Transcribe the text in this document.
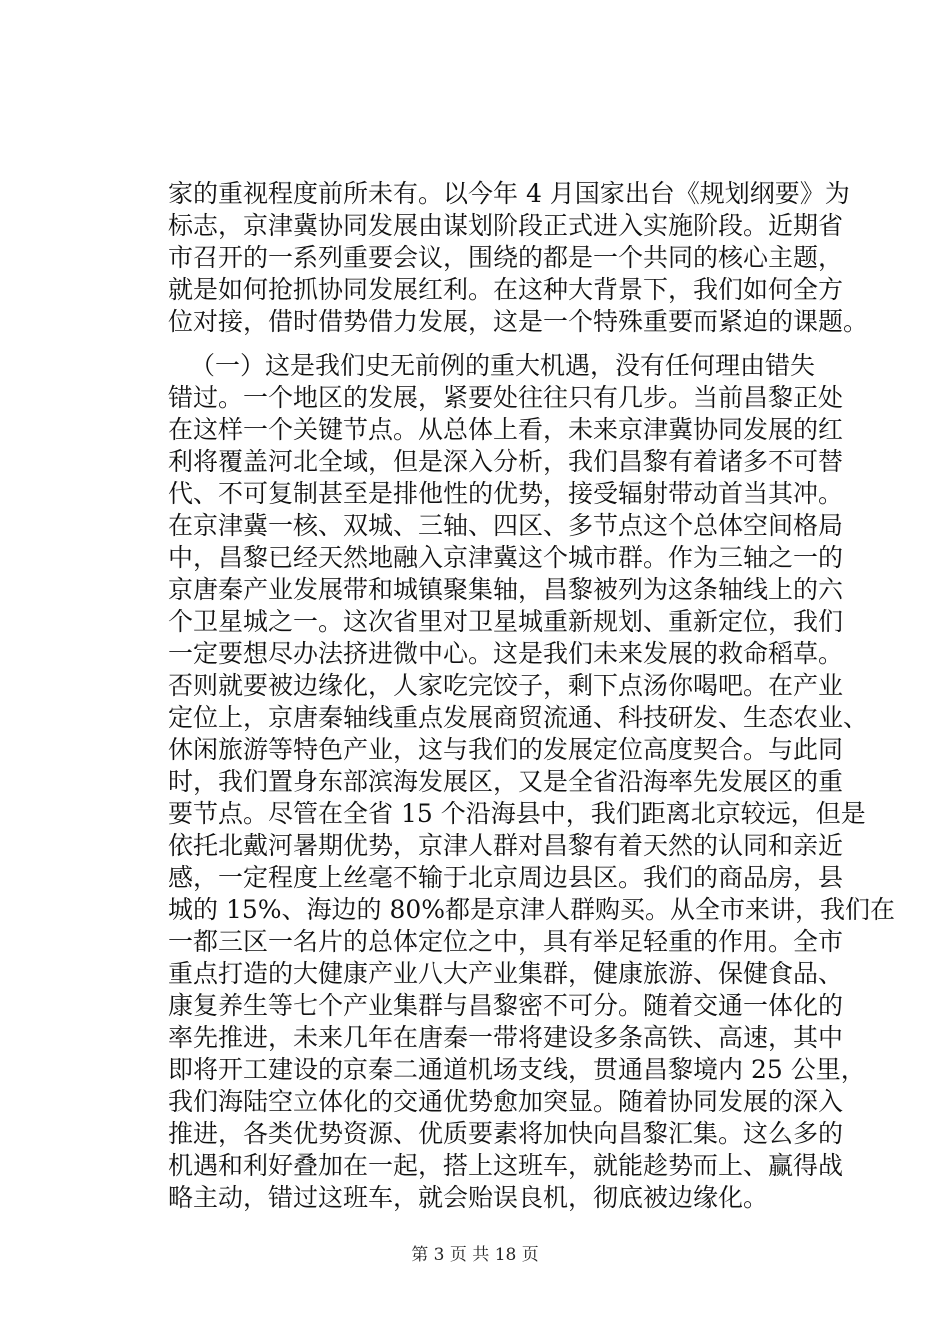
家的重视程度前所未有。以今年 4 月国家出台《规划纲要》为
标志，京津冀协同发展由谋划阶段正式进入实施阶段。近期省
市召开的一系列重要会议，围绕的都是一个共同的核心主题，
就是如何抢抓协同发展红利。在这种大背景下，我们如何全方
位对接，借时借势借力发展，这是一个特殊重要而紧迫的课题。
（一）这是我们史无前例的重大机遇，没有任何理由错失
错过。一个地区的发展，紧要处往往只有几步。当前昌黎正处
在这样一个关键节点。从总体上看，未来京津冀协同发展的红
利将覆盖河北全域，但是深入分析，我们昌黎有着诸多不可替
代、不可复制甚至是排他性的优势，接受辐射带动首当其冲。
在京津冀一核、双城、三轴、四区、多节点这个总体空间格局
中，昌黎已经天然地融入京津冀这个城市群。作为三轴之一的
京唐秦产业发展带和城镇聚集轴，昌黎被列为这条轴线上的六
个卫星城之一。这次省里对卫星城重新规划、重新定位，我们
一定要想尽办法挤进微中心。这是我们未来发展的救命稻草。
否则就要被边缘化，人家吃完饺子，剩下点汤你喝吧。在产业
定位上，京唐秦轴线重点发展商贸流通、科技研发、生态农业、
休闲旅游等特色产业，这与我们的发展定位高度契合。与此同
时，我们置身东部滨海发展区，又是全省沿海率先发展区的重
要节点。尽管在全省 15 个沿海县中，我们距离北京较远，但是
依托北戴河暑期优势，京津人群对昌黎有着天然的认同和亲近
感，一定程度上丝毫不输于北京周边县区。我们的商品房，县
城的 15%、海边的 80%都是京津人群购买。从全市来讲，我们在
一都三区一名片的总体定位之中，具有举足轻重的作用。全市
重点打造的大健康产业八大产业集群，健康旅游、保健食品、
康复养生等七个产业集群与昌黎密不可分。随着交通一体化的
率先推进，未来几年在唐秦一带将建设多条高铁、高速，其中
即将开工建设的京秦二通道机场支线，贯通昌黎境内 25 公里，
我们海陆空立体化的交通优势愈加突显。随着协同发展的深入
推进，各类优势资源、优质要素将加快向昌黎汇集。这么多的
机遇和利好叠加在一起，搭上这班车，就能趁势而上、赢得战
略主动，错过这班车，就会贻误良机，彻底被边缘化。
第 3 页 共 18 页
